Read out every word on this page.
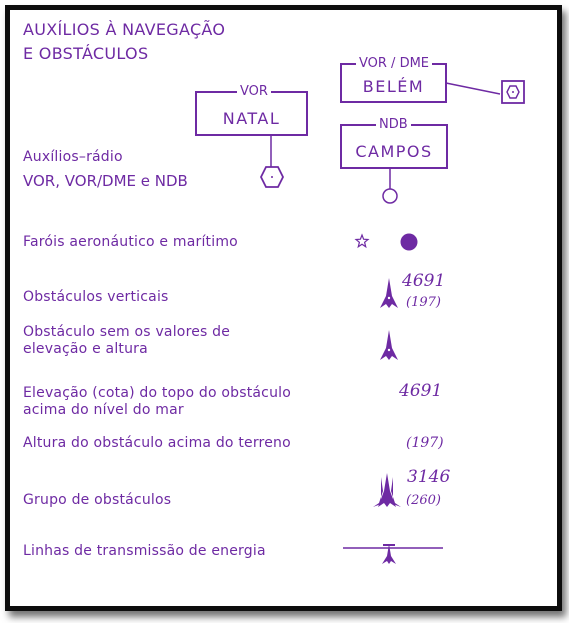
AUXÍLIOS À NAVEGAÇÃO
E OBSTÁCULOS
VOR / DME
BELÉM
VOR
NATAL	NDB
CAMPOS
Auxílios–rádio
VOR, VOR/DME e NDB
Faróis aeronáutico e marítimo
Obstáculos verticais
4691
(197)
Obstáculo sem os valores de
elevação e altura
Elevação (cota) do topo do obstáculo
acima do nível do mar
4691
Altura do obstáculo acima do terreno	(197)
Grupo de obstáculos
3146
(260)
Linhas de transmissão de energia
